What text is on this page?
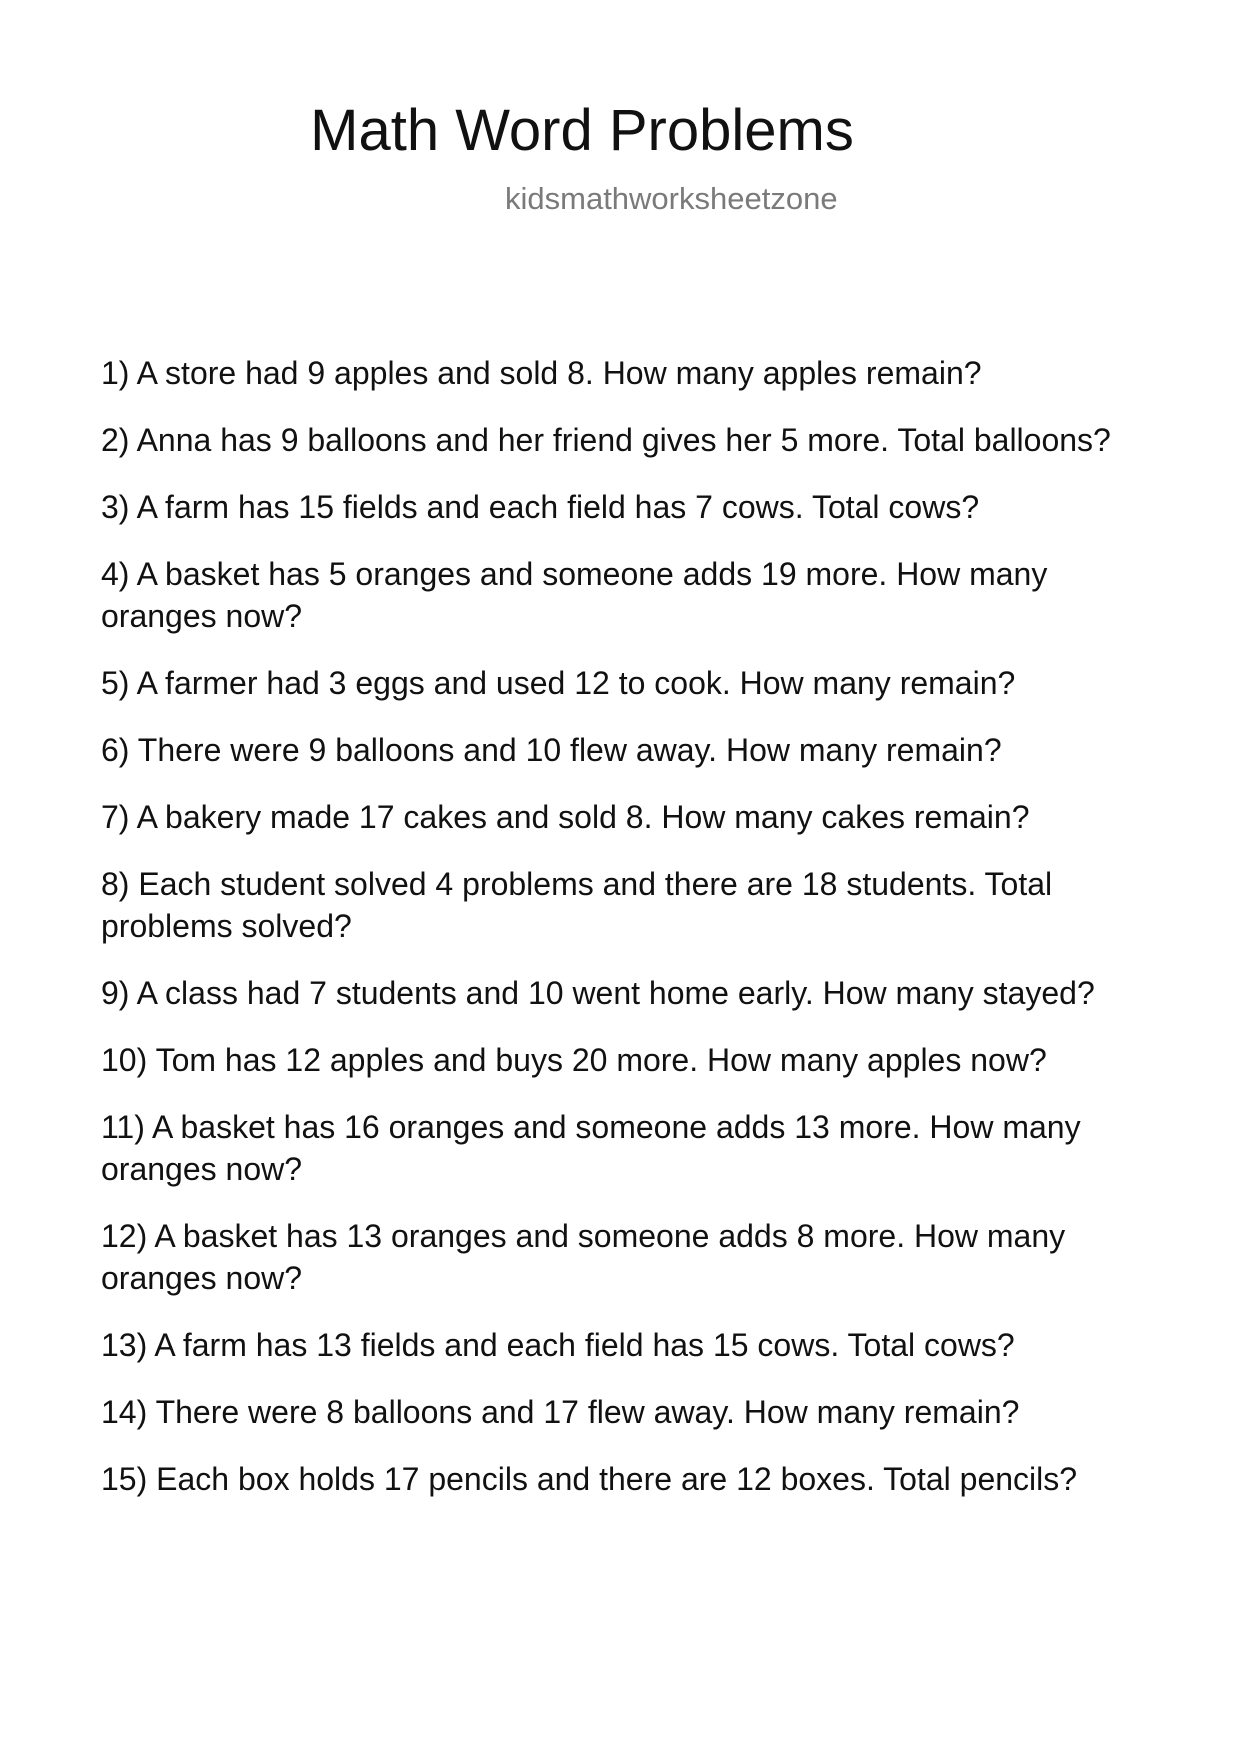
Math Word Problems
kidsmathworksheetzone
1) A store had 9 apples and sold 8. How many apples remain?
2) Anna has 9 balloons and her friend gives her 5 more. Total balloons?
3) A farm has 15 fields and each field has 7 cows. Total cows?
4) A basket has 5 oranges and someone adds 19 more. How many oranges now?
5) A farmer had 3 eggs and used 12 to cook. How many remain?
6) There were 9 balloons and 10 flew away. How many remain?
7) A bakery made 17 cakes and sold 8. How many cakes remain?
8) Each student solved 4 problems and there are 18 students. Total problems solved?
9) A class had 7 students and 10 went home early. How many stayed?
10) Tom has 12 apples and buys 20 more. How many apples now?
11) A basket has 16 oranges and someone adds 13 more. How many oranges now?
12) A basket has 13 oranges and someone adds 8 more. How many oranges now?
13) A farm has 13 fields and each field has 15 cows. Total cows?
14) There were 8 balloons and 17 flew away. How many remain?
15) Each box holds 17 pencils and there are 12 boxes. Total pencils?
